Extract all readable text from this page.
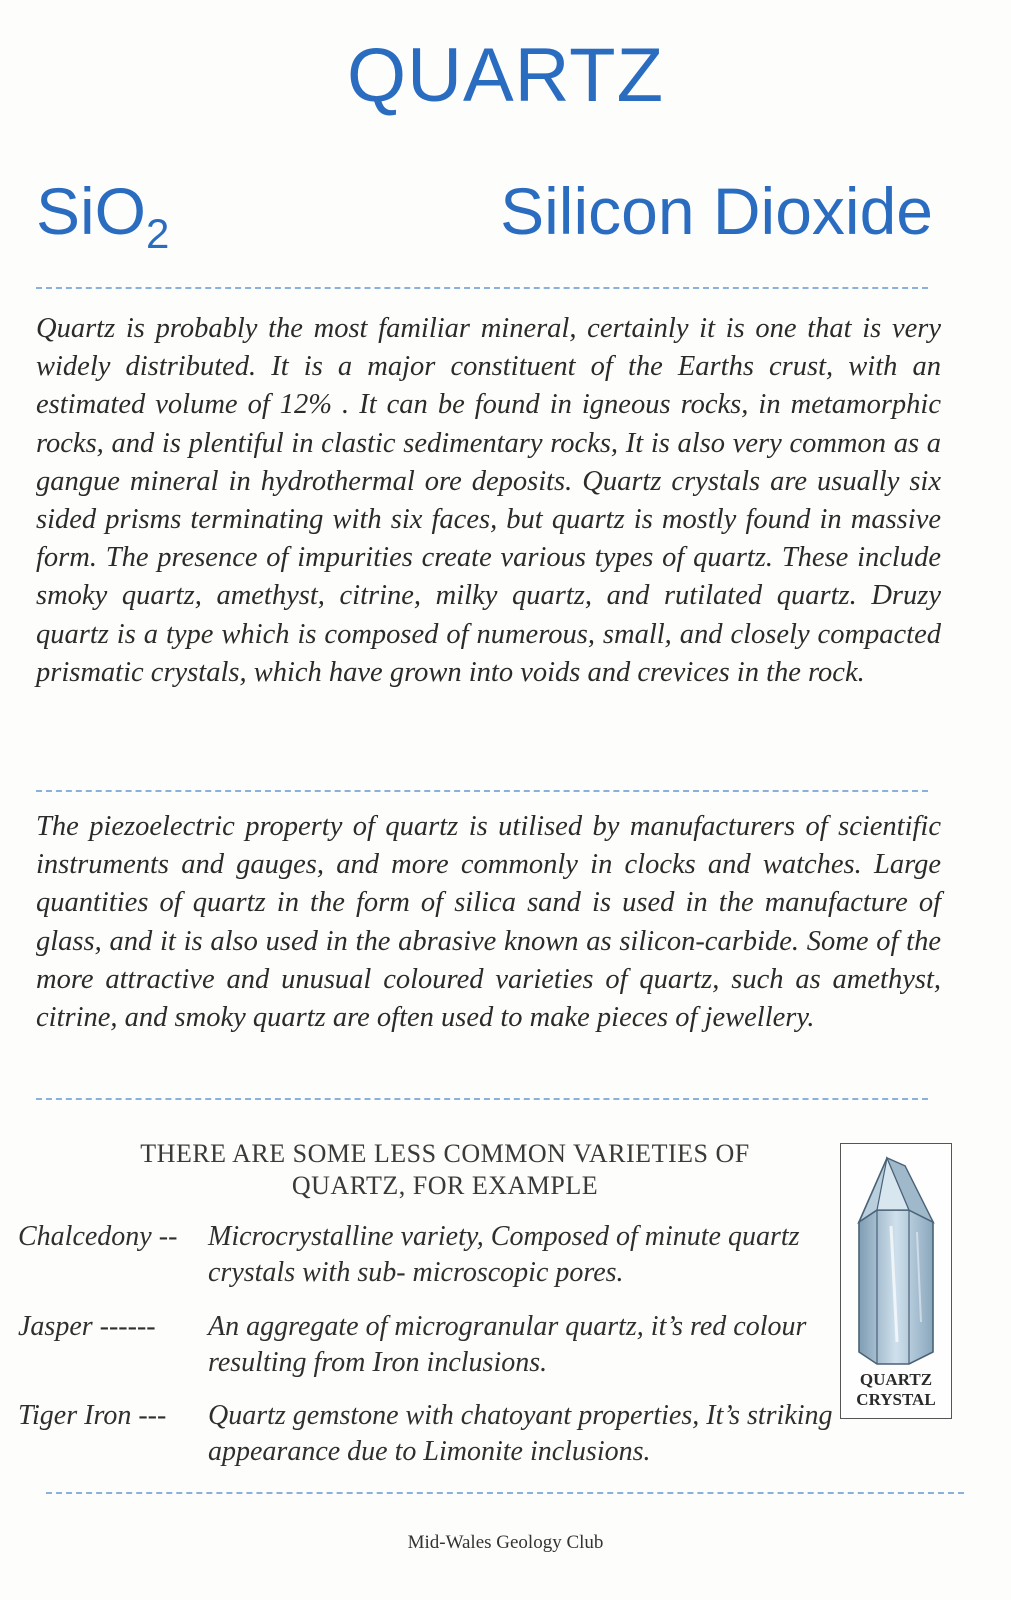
QUARTZ
SiO$_2$	Silicon Dioxide

Quartz is probably the most familiar mineral, certainly it is one that is very widely distributed. It is a major constituent of the Earths crust, with an estimated volume of 12% . It can be found in igneous rocks, in metamorphic rocks, and is plentiful in clastic sedimentary rocks, It is also very common as a gangue mineral in hydrothermal ore deposits. Quartz crystals are usually six sided prisms terminating with six faces, but quartz is mostly found in massive form. The presence of impurities create various types of quartz. These include smoky quartz, amethyst, citrine, milky quartz, and rutilated quartz. Druzy quartz is a type which is composed of numerous, small, and closely compacted prismatic crystals, which have grown into voids and crevices in the rock.

The piezoelectric property of quartz is utilised by manufacturers of scientific instruments and gauges, and more commonly in clocks and watches. Large quantities of quartz in the form of silica sand is used in the manufacture of glass, and it is also used in the abrasive known as silicon-carbide. Some of the more attractive and unusual coloured varieties of quartz, such as amethyst, citrine, and smoky quartz are often used to make pieces of jewellery.

THERE ARE SOME LESS COMMON VARIETIES OF
QUARTZ, FOR EXAMPLE
Chalcedony -- Microcrystalline variety, Composed of minute quartz crystals with sub- microscopic pores.
Jasper ------ An aggregate of microgranular quartz, it’s red colour resulting from Iron inclusions.
Tiger Iron --- Quartz gemstone with chatoyant properties, It’s striking appearance due to Limonite inclusions.
QUARTZ
CRYSTAL
Mid-Wales Geology Club
